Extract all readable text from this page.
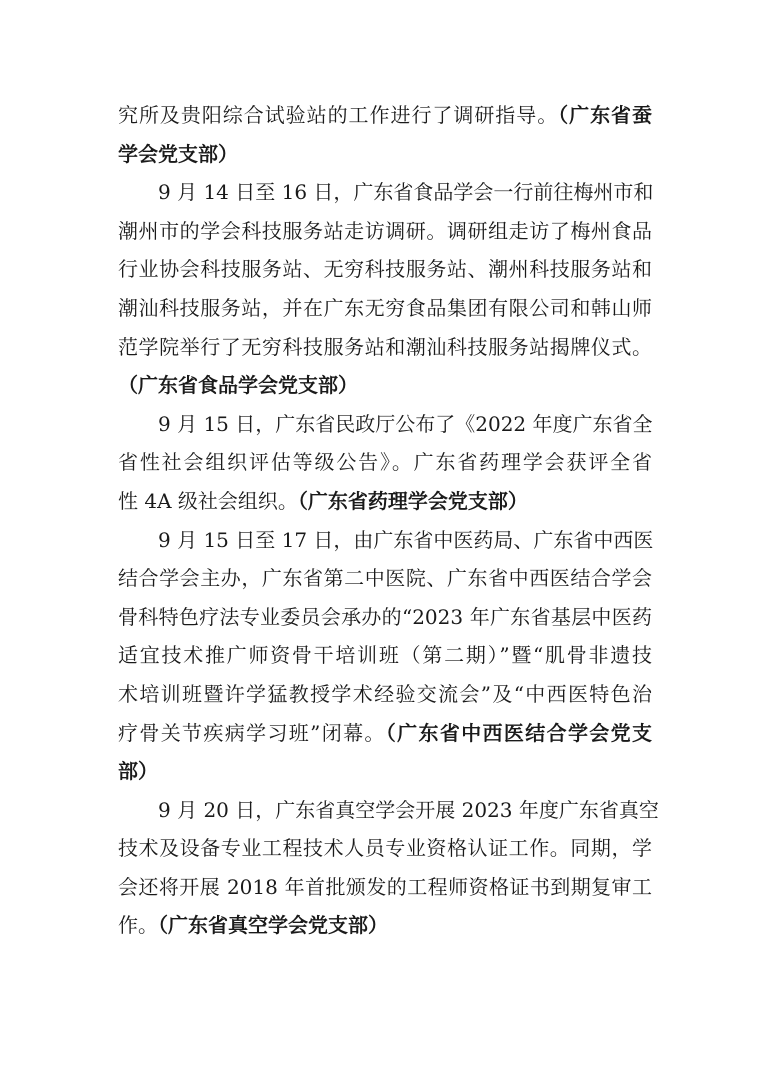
究所及贵阳综合试验站的工作进行了调研指导。（广东省蚕
学会党支部）
9 月 14 日至 16 日，广东省食品学会一行前往梅州市和
潮州市的学会科技服务站走访调研。调研组走访了梅州食品
行业协会科技服务站、无穷科技服务站、潮州科技服务站和
潮汕科技服务站，并在广东无穷食品集团有限公司和韩山师
范学院举行了无穷科技服务站和潮汕科技服务站揭牌仪式。
（广东省食品学会党支部）
9 月 15 日，广东省民政厅公布了《2022 年度广东省全
省性社会组织评估等级公告》。广东省药理学会获评全省
性 4A 级社会组织。（广东省药理学会党支部）
9 月 15 日至 17 日，由广东省中医药局、广东省中西医
结合学会主办，广东省第二中医院、广东省中西医结合学会
骨科特色疗法专业委员会承办的“2023 年广东省基层中医药
适宜技术推广师资骨干培训班（第二期）”暨“肌骨非遗技
术培训班暨许学猛教授学术经验交流会”及“中西医特色治
疗骨关节疾病学习班”闭幕。（广东省中西医结合学会党支
部）
9 月 20 日，广东省真空学会开展 2023 年度广东省真空
技术及设备专业工程技术人员专业资格认证工作。同期，学
会还将开展 2018 年首批颁发的工程师资格证书到期复审工
作。（广东省真空学会党支部）
